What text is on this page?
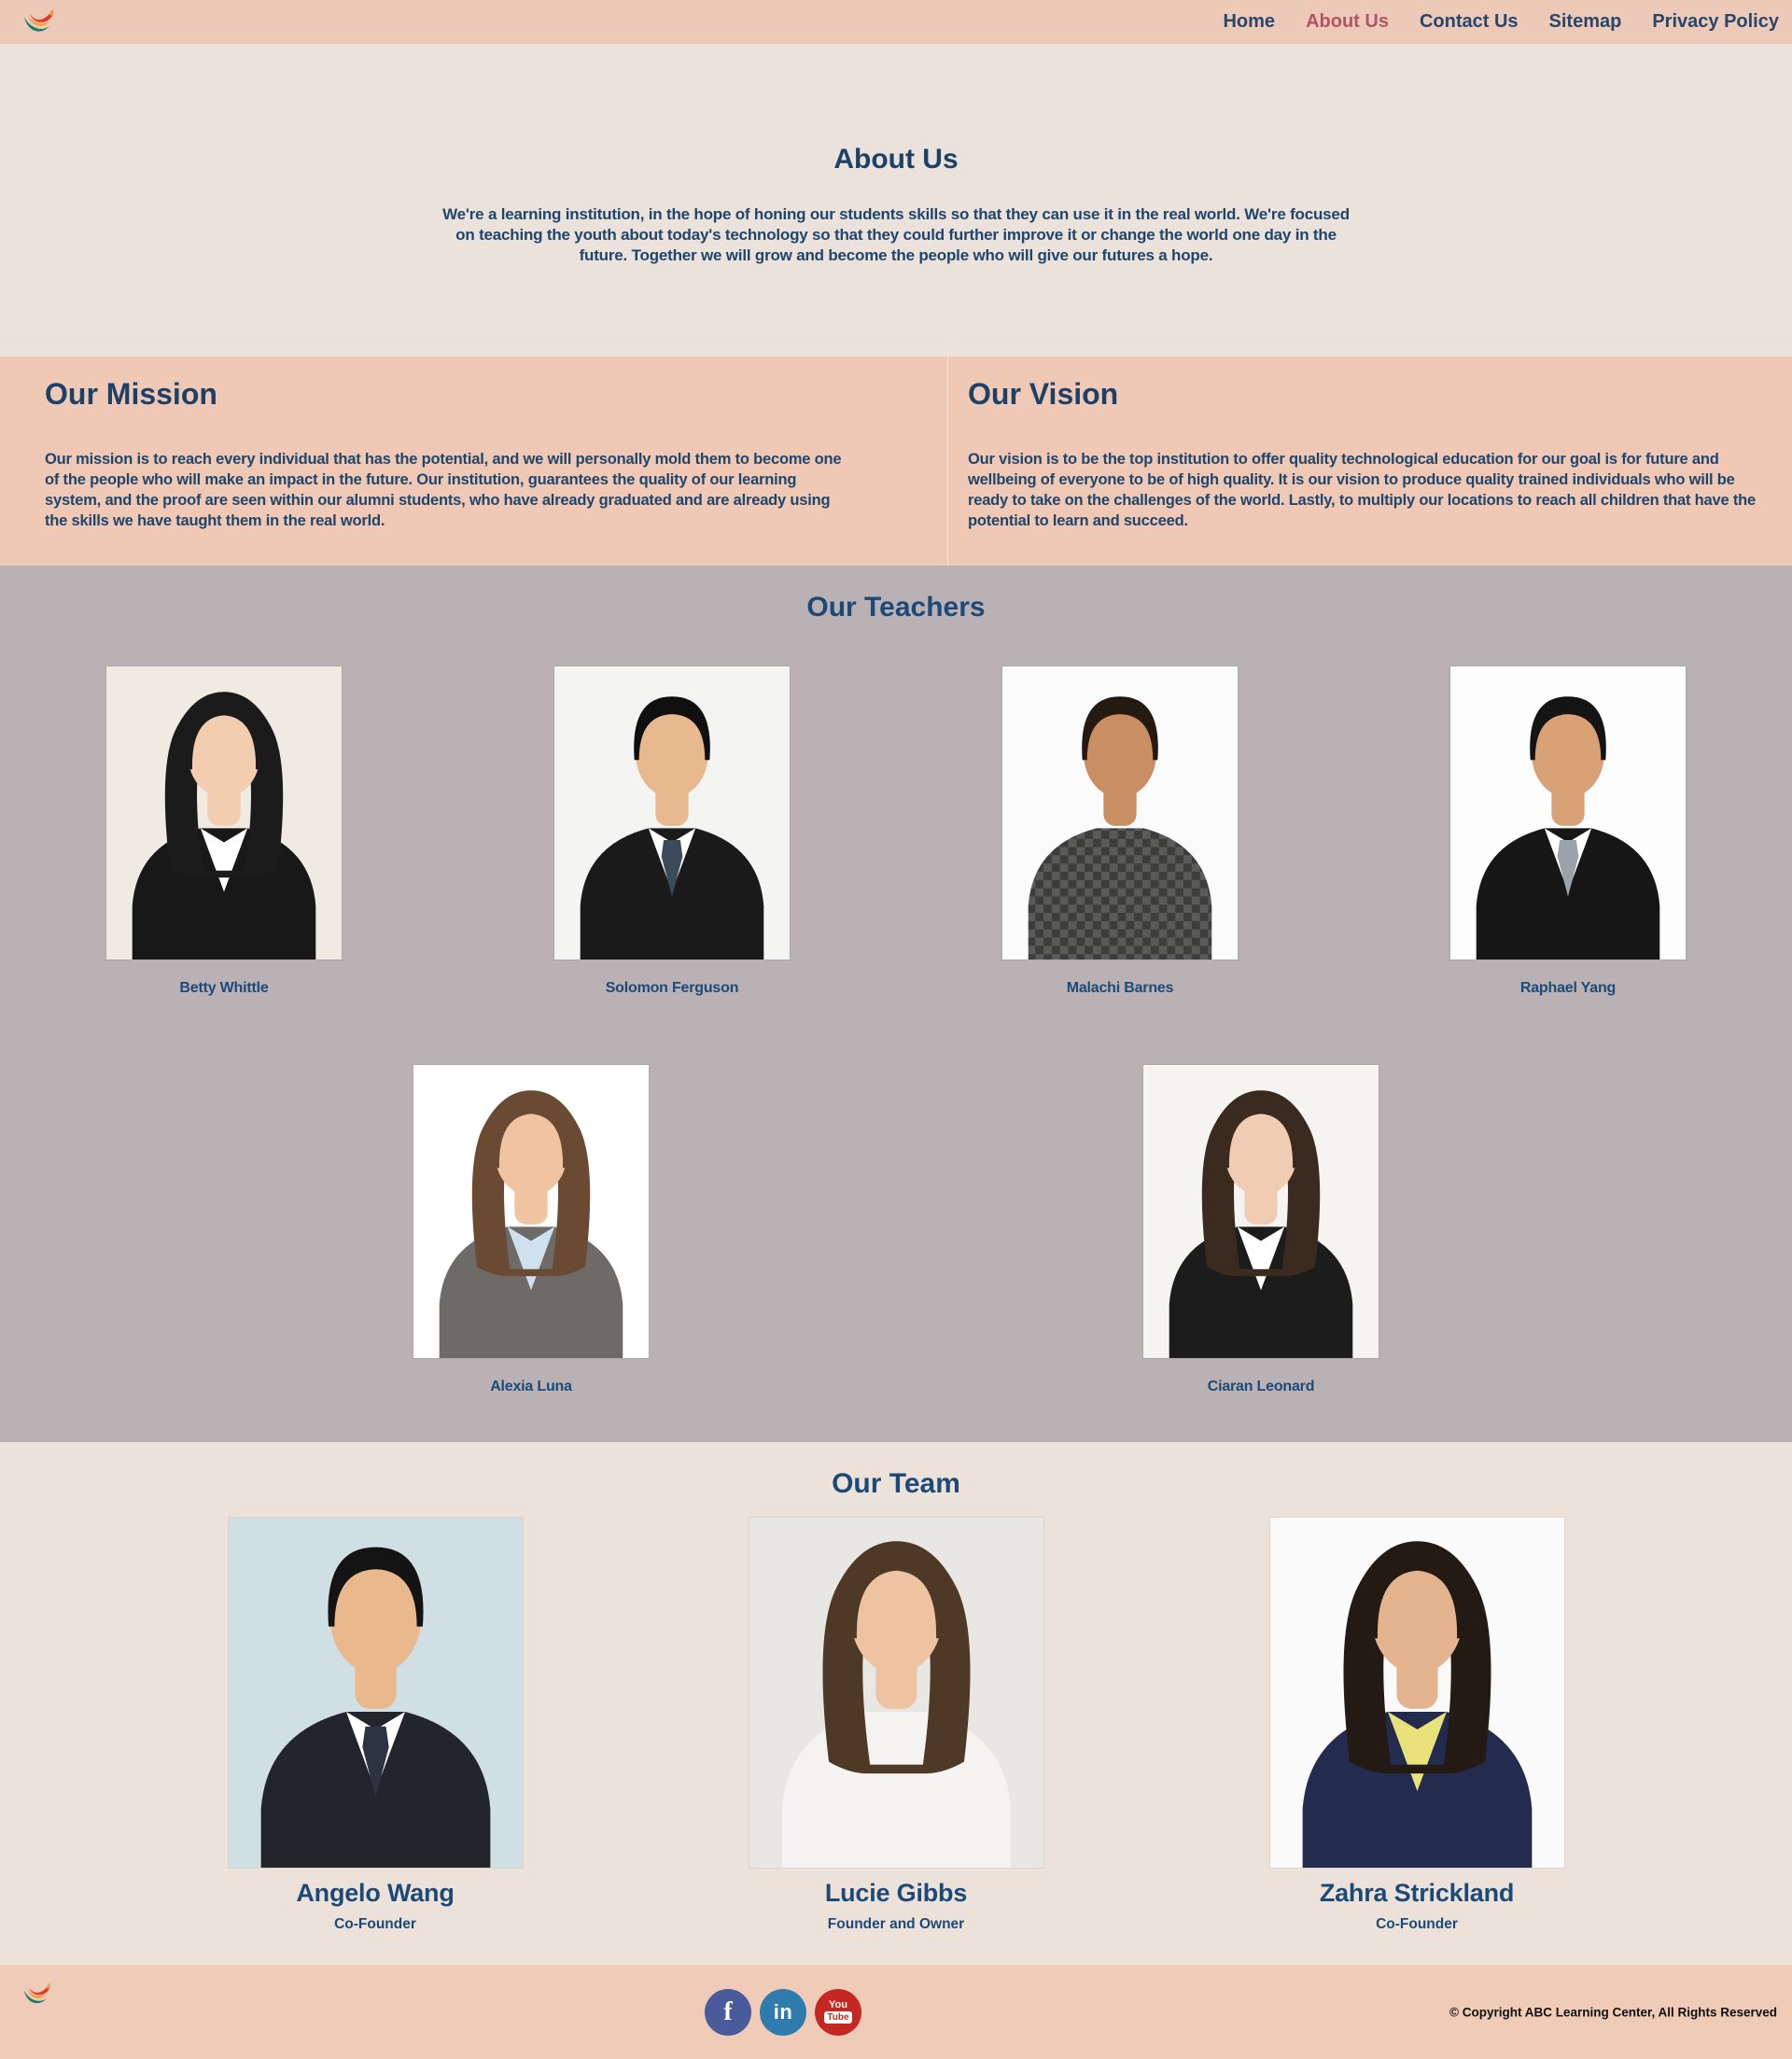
Home About Us Contact Us Sitemap Privacy Policy
About Us

We're a learning institution, in the hope of honing our students skills so that they can use it in the real world. We're focused on teaching the youth about today's technology so that they could further improve it or change the world one day in the future. Together we will grow and become the people who will give our futures a hope.

Our Mission

Our mission is to reach every individual that has the potential, and we will personally mold them to become one of the people who will make an impact in the future. Our institution, guarantees the quality of our learning system, and the proof are seen within our alumni students, who have already graduated and are already using the skills we have taught them in the real world.

Our Vision

Our vision is to be the top institution to offer quality technological education for our goal is for future and wellbeing of everyone to be of high quality. It is our vision to produce quality trained individuals who will be ready to take on the challenges of the world. Lastly, to multiply our locations to reach all children that have the potential to learn and succeed.

Our Teachers
Betty Whittle	Solomon Ferguson	Malachi Barnes	Raphael Yang
Alexia Luna	Ciaran Leonard
Our Team
Angelo Wang
Co-Founder
Lucie Gibbs
Founder and Owner
Zahra Strickland
Co-Founder
f in	You
Tube	© Copyright ABC Learning Center, All Rights Reserved
